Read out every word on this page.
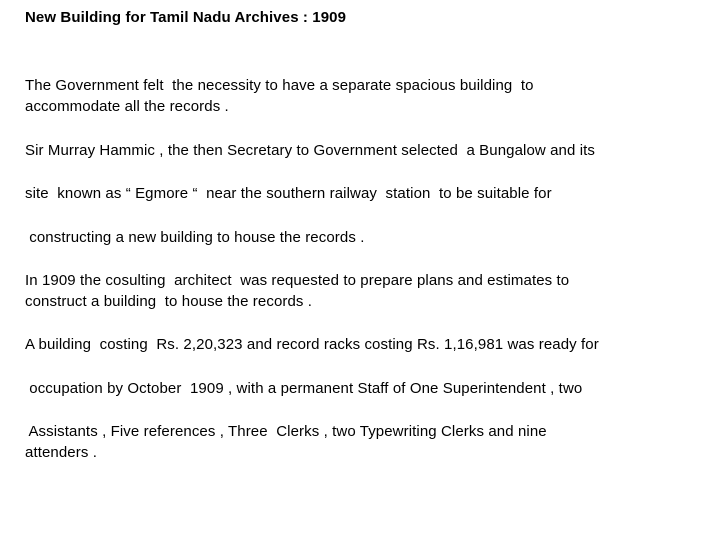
New Building for Tamil Nadu Archives : 1909
The Government felt  the necessity to have a separate spacious building  to
accommodate all the records .
Sir Murray Hammic , the then Secretary to Government selected  a Bungalow and its
site  known as “ Egmore “  near the southern railway  station  to be suitable for
constructing a new building to house the records .
In 1909 the cosulting  architect  was requested to prepare plans and estimates to
construct a building  to house the records .
A building  costing  Rs. 2,20,323 and record racks costing Rs. 1,16,981 was ready for
occupation by October  1909 , with a permanent Staff of One Superintendent , two
Assistants , Five references , Three  Clerks , two Typewriting Clerks and nine
attenders .
